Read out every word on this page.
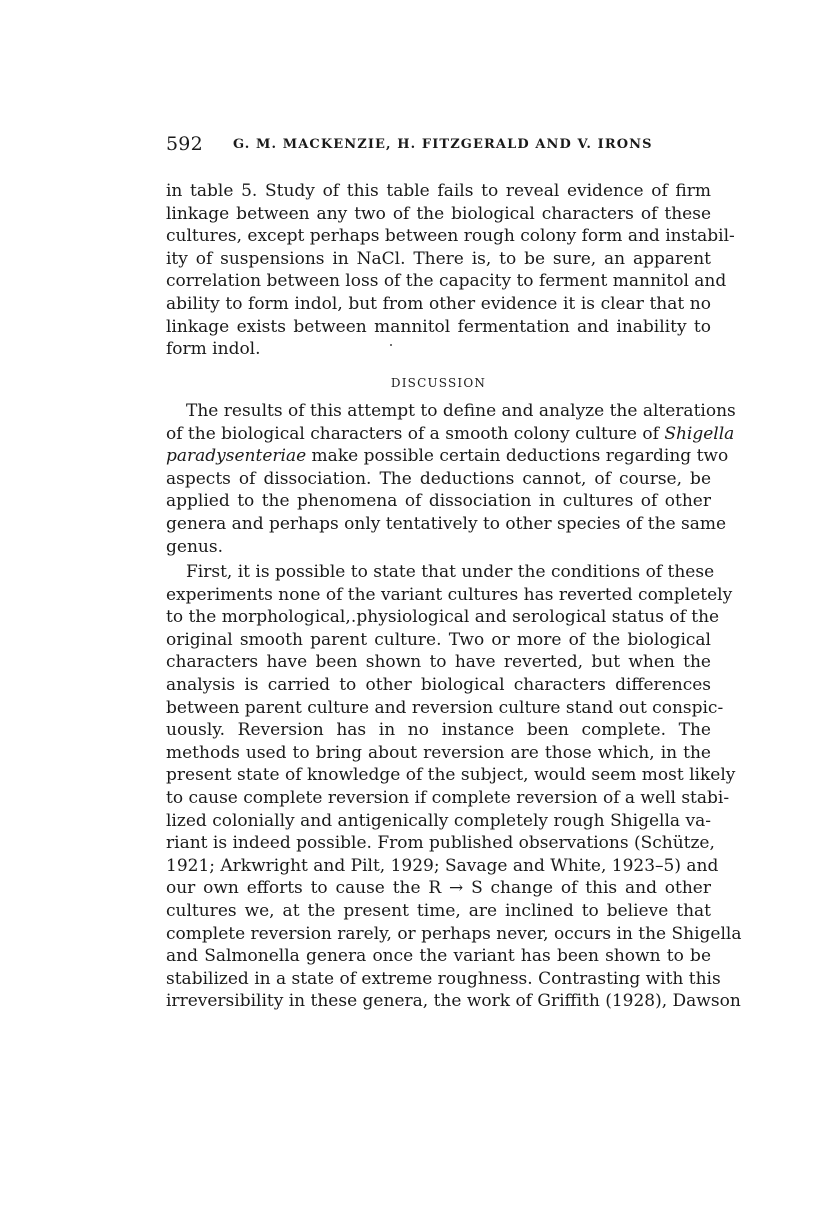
592 G. M. MACKENZIE, H. FITZGERALD AND V. IRONS
in table 5. Study of this table fails to reveal evidence of firm
linkage between any two of the biological characters of these
cultures, except perhaps between rough colony form and instabil-
ity of suspensions in NaCl. There is, to be sure, an apparent
correlation between loss of the capacity to ferment mannitol and
ability to form indol, but from other evidence it is clear that no
linkage exists between mannitol fermentation and inability to
form indol.
DISCUSSION
The results of this attempt to define and analyze the alterations
of the biological characters of a smooth colony culture of Shigella
paradysenteriae make possible certain deductions regarding two
aspects of dissociation. The deductions cannot, of course, be
applied to the phenomena of dissociation in cultures of other
genera and perhaps only tentatively to other species of the same
genus.
First, it is possible to state that under the conditions of these
experiments none of the variant cultures has reverted completely
to the morphological,․physiological and serological status of the
original smooth parent culture. Two or more of the biological
characters have been shown to have reverted, but when the
analysis is carried to other biological characters differences
between parent culture and reversion culture stand out conspic-
uously. Reversion has in no instance been complete. The
methods used to bring about reversion are those which, in the
present state of knowledge of the subject, would seem most likely
to cause complete reversion if complete reversion of a well stabi-
lized colonially and antigenically completely rough Shigella va-
riant is indeed possible. From published observations (Schütze,
1921; Arkwright and Pilt, 1929; Savage and White, 1923–5) and
our own efforts to cause the R → S change of this and other
cultures we, at the present time, are inclined to believe that
complete reversion rarely, or perhaps never, occurs in the Shigella
and Salmonella genera once the variant has been shown to be
stabilized in a state of extreme roughness. Contrasting with this
irreversibility in these genera, the work of Griffith (1928), Dawson
